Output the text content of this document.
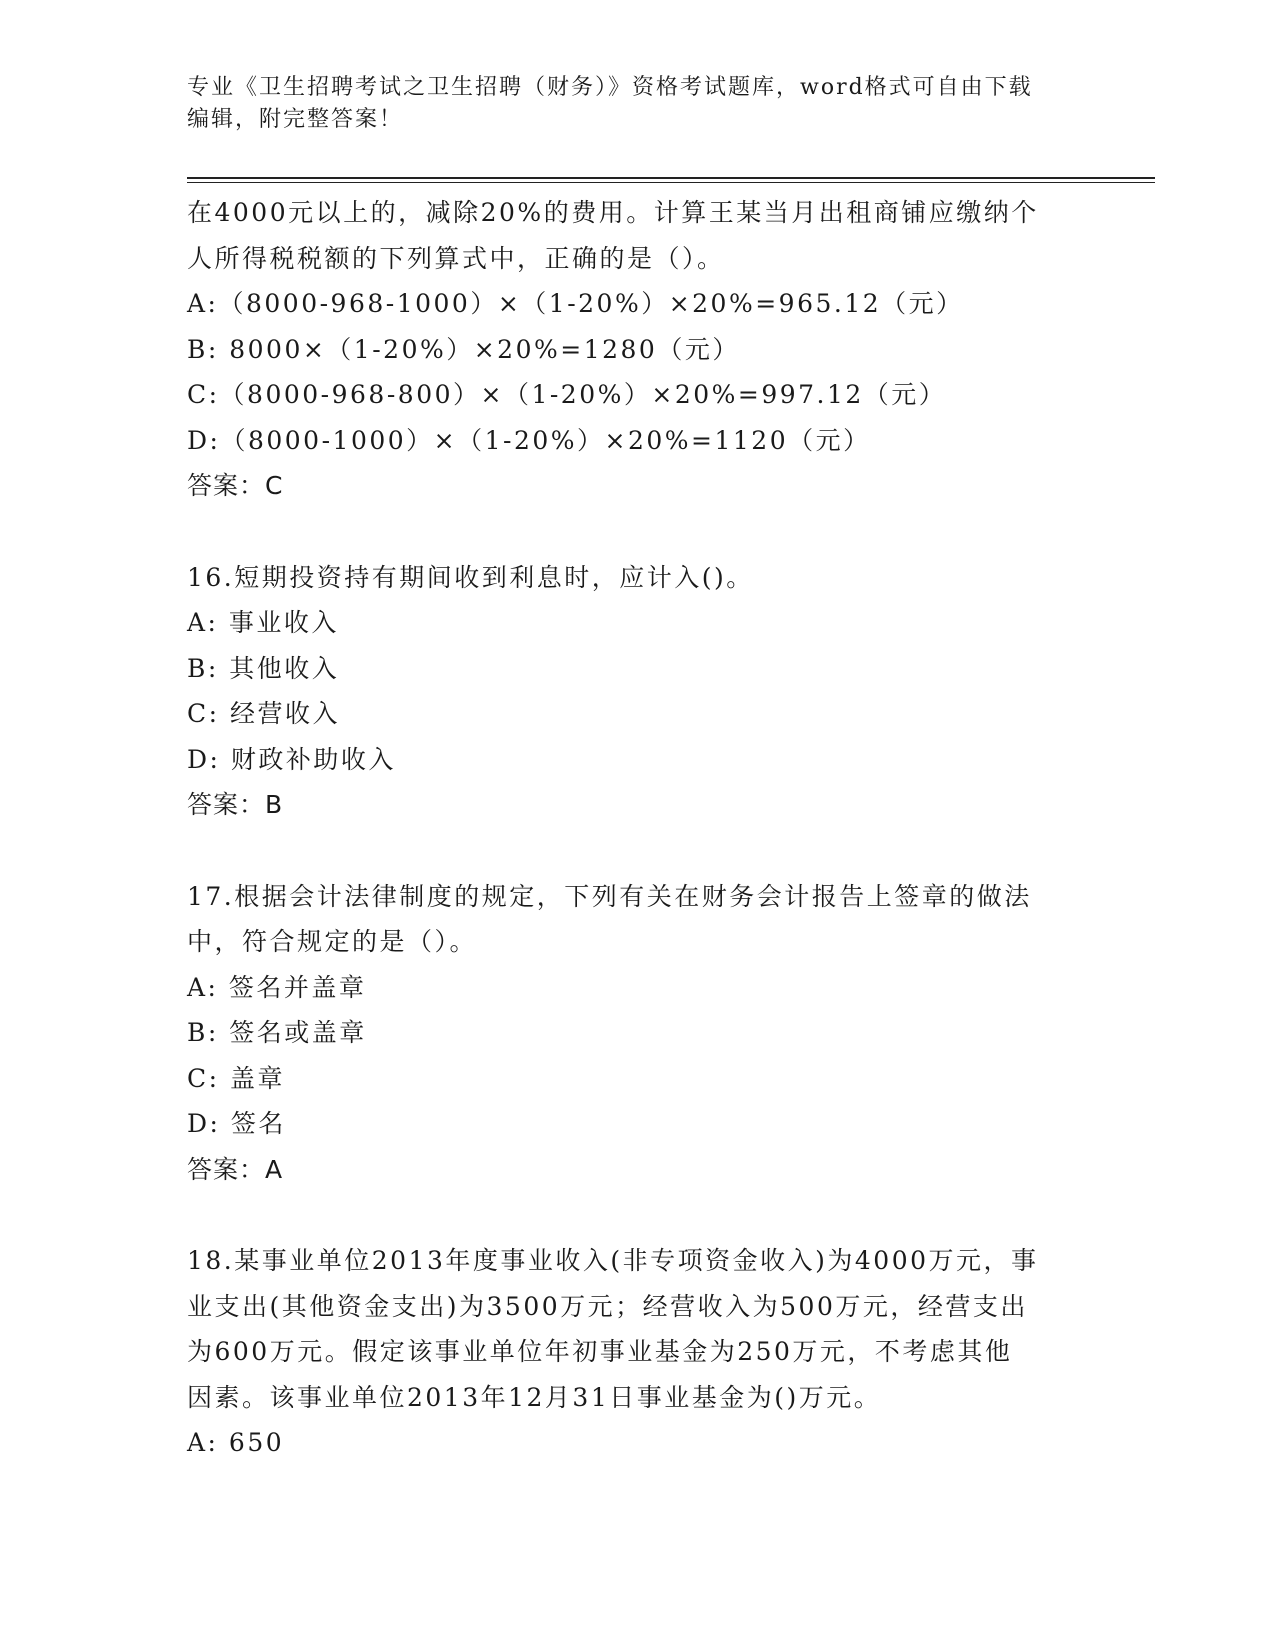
专业《卫生招聘考试之卫生招聘（财务）》资格考试题库，word格式可自由下载
编辑，附完整答案！

在4000元以上的，减除20%的费用。计算王某当月出租商铺应缴纳个

人所得税税额的下列算式中，正确的是（）。

A:（8000-968-1000）×（1-20%）×20%=965.12（元）

B: 8000×（1-20%）×20%=1280（元）

C:（8000-968-800）×（1-20%）×20%=997.12（元）

D:（8000-1000）×（1-20%）×20%=1120（元）

答案：C

16.短期投资持有期间收到利息时，应计入()。

A: 事业收入

B: 其他收入

C: 经营收入

D: 财政补助收入

答案：B

17.根据会计法律制度的规定，下列有关在财务会计报告上签章的做法

中，符合规定的是（）。

A: 签名并盖章

B: 签名或盖章

C: 盖章

D: 签名

答案：A

18.某事业单位2013年度事业收入(非专项资金收入)为4000万元，事

业支出(其他资金支出)为3500万元；经营收入为500万元，经营支出

为600万元。假定该事业单位年初事业基金为250万元，不考虑其他

因素。该事业单位2013年12月31日事业基金为()万元。

A: 650
